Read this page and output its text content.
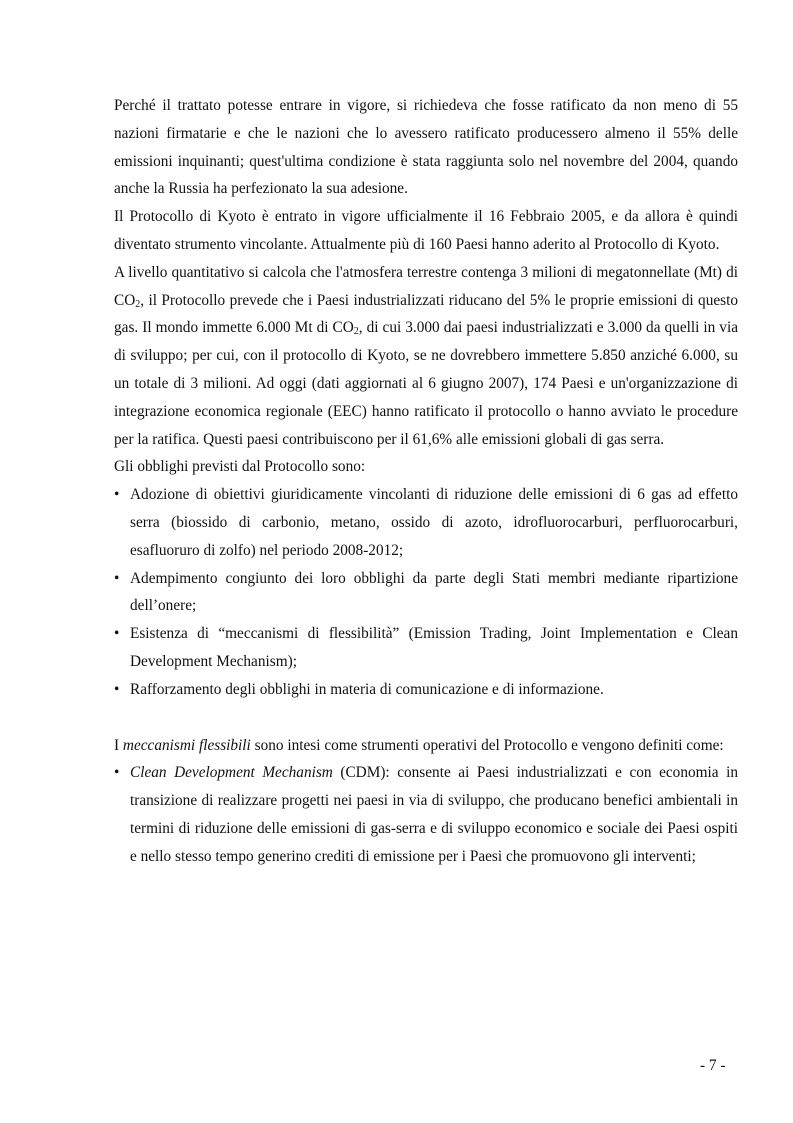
Perché il trattato potesse entrare in vigore, si richiedeva che fosse ratificato da non meno di 55 nazioni firmatarie e che le nazioni che lo avessero ratificato producessero almeno il 55% delle emissioni inquinanti; quest'ultima condizione è stata raggiunta solo nel novembre del 2004, quando anche la Russia ha perfezionato la sua adesione.

Il Protocollo di Kyoto è entrato in vigore ufficialmente il 16 Febbraio 2005, e da allora è quindi diventato strumento vincolante. Attualmente più di 160 Paesi hanno aderito al Protocollo di Kyoto.

A livello quantitativo si calcola che l'atmosfera terrestre contenga 3 milioni di megatonnellate (Mt) di $CO_2$, il Protocollo prevede che i Paesi industrializzati riducano del 5% le proprie emissioni di questo gas. Il mondo immette 6.000 Mt di $CO_2$, di cui 3.000 dai paesi industrializzati e 3.000 da quelli in via di sviluppo; per cui, con il protocollo di Kyoto, se ne dovrebbero immettere 5.850 anziché 6.000, su un totale di 3 milioni. Ad oggi (dati aggiornati al 6 giugno 2007), 174 Paesi e un'organizzazione di integrazione economica regionale (EEC) hanno ratificato il protocollo o hanno avviato le procedure per la ratifica. Questi paesi contribuiscono per il 61,6% alle emissioni globali di gas serra.

Gli obblighi previsti dal Protocollo sono:

• Adozione di obiettivi giuridicamente vincolanti di riduzione delle emissioni di 6 gas ad effetto serra (biossido di carbonio, metano, ossido di azoto, idrofluorocarburi, perfluorocarburi, esafluoruro di zolfo) nel periodo 2008-2012;

• Adempimento congiunto dei loro obblighi da parte degli Stati membri mediante ripartizione dell’onere;

• Esistenza di “meccanismi di flessibilità” (Emission Trading, Joint Implementation e Clean Development Mechanism);

• Rafforzamento degli obblighi in materia di comunicazione e di informazione.

I meccanismi flessibili sono intesi come strumenti operativi del Protocollo e vengono definiti come:

• Clean Development Mechanism (CDM): consente ai Paesi industrializzati e con economia in transizione di realizzare progetti nei paesi in via di sviluppo, che producano benefici ambientali in termini di riduzione delle emissioni di gas-serra e di sviluppo economico e sociale dei Paesi ospiti e nello stesso tempo generino crediti di emissione per i Paesi che promuovono gli interventi;

- 7 -
